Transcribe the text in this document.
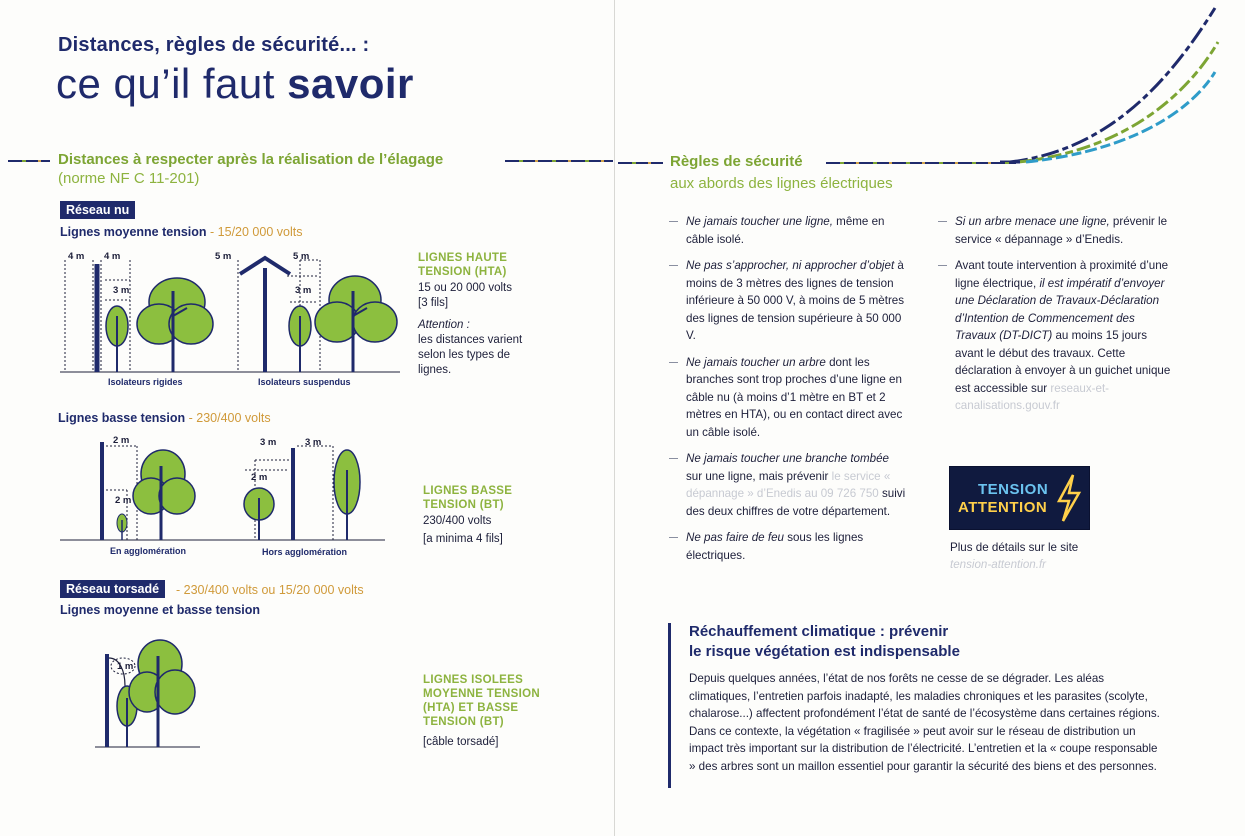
Distances, règles de sécurité... :
ce qu’il faut savoir
Distances à respecter après la réalisation de l’élagage
(norme NF C 11-201)
Réseau nu
Lignes moyenne tension - 15/20 000 volts
4 m 4 m
3 m
5 m	5 m
3 m
Isolateurs rigides	Isolateurs suspendus
LIGNES HAUTE TENSION (HTA)
15 ou 20 000 volts
[3 fils]
Attention :
les distances varient selon les types de lignes.
Lignes basse tension - 230/400 volts
2 m
2 m
3 m	3 m
2 m
En agglomération	Hors agglomération
LIGNES BASSE TENSION (BT)
230/400 volts
[a minima 4 fils]
Réseau torsadé	- 230/400 volts ou 15/20 000 volts
Lignes moyenne et basse tension
1 m
LIGNES ISOLEES MOYENNE TENSION (HTA) ET BASSE TENSION (BT)
[câble torsadé]
Règles de sécurité
aux abords des lignes électriques
Ne jamais toucher une ligne, même en câble isolé.
Ne pas s’approcher, ni approcher d’objet à moins de 3 mètres des lignes de tension inférieure à 50 000 V, à moins de 5 mètres des lignes de tension supérieure à 50 000 V.
Ne jamais toucher un arbre dont les branches sont trop proches d’une ligne en câble nu (à moins d’1 mètre en BT et 2 mètres en HTA), ou en contact direct avec un câble isolé.
Ne jamais toucher une branche tombée sur une ligne, mais prévenir le service « dépannage » d’Enedis au 09 726 750 suivi des deux chiffres de votre département.
Ne pas faire de feu sous les lignes électriques.
Si un arbre menace une ligne, prévenir le service « dépannage » d’Enedis.
Avant toute intervention à proximité d’une ligne électrique, il est impératif d’envoyer une Déclaration de Travaux-Déclaration d’Intention de Commencement des Travaux (DT-DICT) au moins 15 jours avant le début des travaux. Cette déclaration à envoyer à un guichet unique est accessible sur reseaux-et-canalisations.gouv.fr
TENSION
ATTENTION
Plus de détails sur le site
tension-attention.fr
Réchauffement climatique : prévenir
le risque végétation est indispensable
Depuis quelques années, l’état de nos forêts ne cesse de se dégrader. Les aléas climatiques, l’entretien parfois inadapté, les maladies chroniques et les parasites (scolyte, chalarose...) affectent profondément l’état de santé de l’écosystème dans certaines régions. Dans ce contexte, la végétation « fragilisée » peut avoir sur le réseau de distribution un impact très important sur la distribution de l’électricité. L’entretien et la « coupe responsable » des arbres sont un maillon essentiel pour garantir la sécurité des biens et des personnes.
